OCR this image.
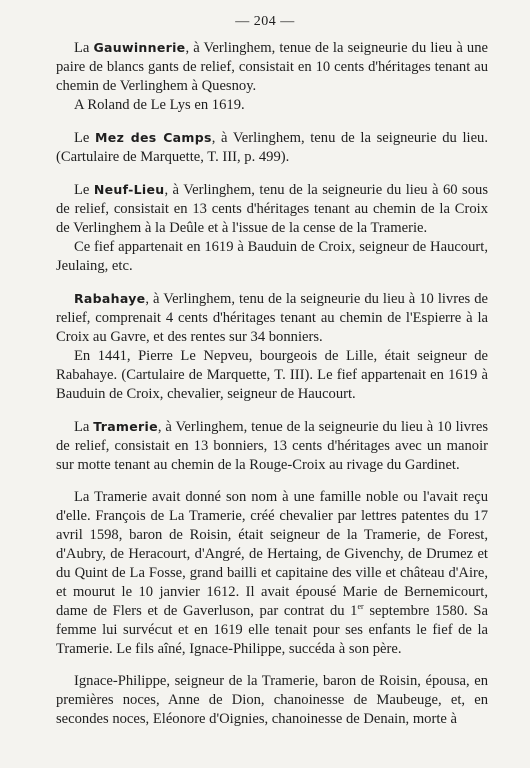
— 204 —

La Gauwinnerie, à Verlinghem, tenue de la seigneurie du lieu à une paire de blancs gants de relief, consistait en 10 cents d'héritages tenant au chemin de Verlinghem à Quesnoy.

A Roland de Le Lys en 1619.

Le Mez des Camps, à Verlinghem, tenu de la seigneurie du lieu. (Cartulaire de Marquette, T. III, p. 499).

Le Neuf-Lieu, à Verlinghem, tenu de la seigneurie du lieu à 60 sous de relief, consistait en 13 cents d'héritages tenant au chemin de la Croix de Verlinghem à la Deûle et à l'issue de la cense de la Tramerie.

Ce fief appartenait en 1619 à Bauduin de Croix, seigneur de Haucourt, Jeulaing, etc.

Rabahaye, à Verlinghem, tenu de la seigneurie du lieu à 10 livres de relief, comprenait 4 cents d'héritages tenant au chemin de l'Espierre à la Croix au Gavre, et des rentes sur 34 bonniers.

En 1441, Pierre Le Nepveu, bourgeois de Lille, était seigneur de Rabahaye. (Cartulaire de Marquette, T. III). Le fief appartenait en 1619 à Bauduin de Croix, chevalier, seigneur de Haucourt.

La Tramerie, à Verlinghem, tenue de la seigneurie du lieu à 10 livres de relief, consistait en 13 bonniers, 13 cents d'héritages avec un manoir sur motte tenant au chemin de la Rouge-Croix au rivage du Gardinet.

La Tramerie avait donné son nom à une famille noble ou l'avait reçu d'elle. François de La Tramerie, créé chevalier par lettres patentes du 17 avril 1598, baron de Roisin, était seigneur de la Tramerie, de Forest, d'Aubry, de Heracourt, d'Angré, de Hertaing, de Givenchy, de Drumez et du Quint de La Fosse, grand bailli et capitaine des ville et château d'Aire, et mourut le 10 janvier 1612. Il avait épousé Marie de Bernemicourt, dame de Flers et de Gaverluson, par contrat du 1er septembre 1580. Sa femme lui survécut et en 1619 elle tenait pour ses enfants le fief de la Tramerie. Le fils aîné, Ignace-Philippe, succéda à son père.

Ignace-Philippe, seigneur de la Tramerie, baron de Roisin, épousa, en premières noces, Anne de Dion, chanoinesse de Maubeuge, et, en secondes noces, Eléonore d'Oignies, chanoinesse de Denain, morte à
